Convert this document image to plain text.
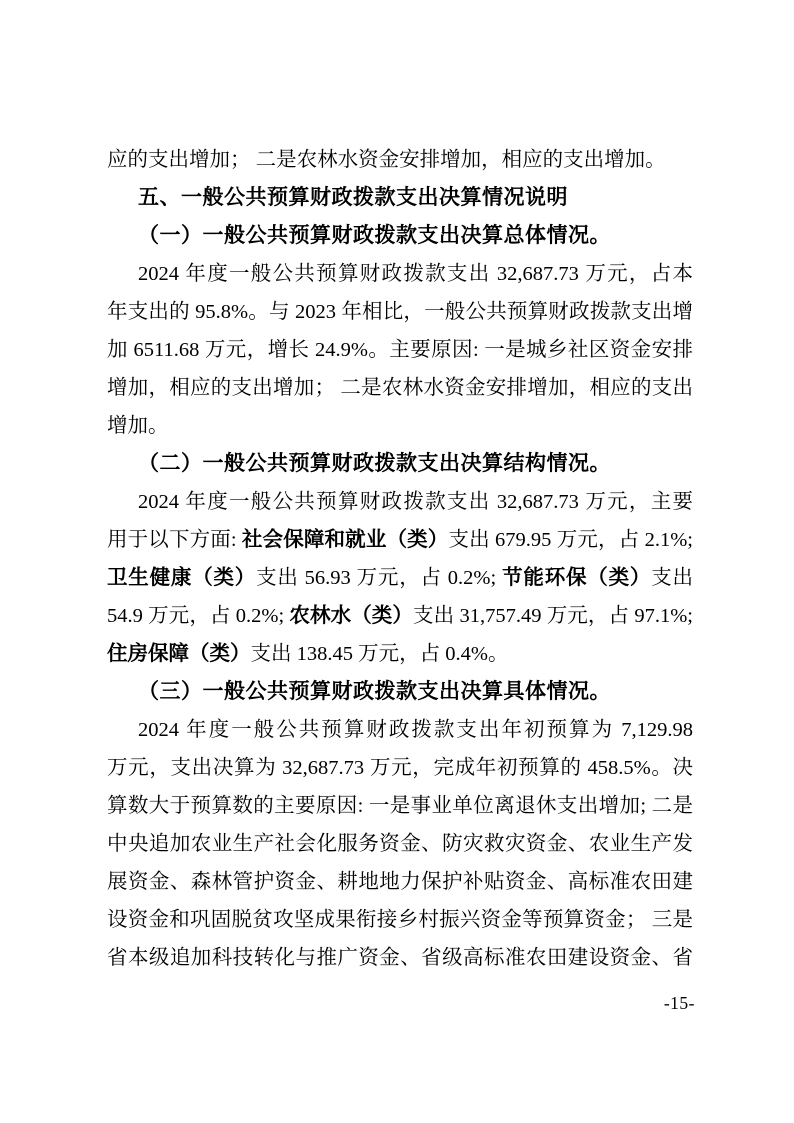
应的支出增加； 二是农林水资金安排增加，相应的支出增加。
五、一般公共预算财政拨款支出决算情况说明
（一）一般公共预算财政拨款支出决算总体情况。
2024 年度一般公共预算财政拨款支出 32,687.73 万元，占本
年支出的 95.8%。与 2023 年相比，一般公共预算财政拨款支出增
加 6511.68 万元，增长 24.9%。主要原因: 一是城乡社区资金安排
增加，相应的支出增加； 二是农林水资金安排增加，相应的支出
增加。
（二）一般公共预算财政拨款支出决算结构情况。
2024 年度一般公共预算财政拨款支出 32,687.73 万元，主要
用于以下方面: 社会保障和就业（类）支出 679.95 万元，占 2.1%;
卫生健康（类）支出 56.93 万元，占 0.2%; 节能环保（类）支出
54.9 万元，占 0.2%; 农林水（类）支出 31,757.49 万元，占 97.1%;
住房保障（类）支出 138.45 万元，占 0.4%。
（三）一般公共预算财政拨款支出决算具体情况。
2024 年度一般公共预算财政拨款支出年初预算为 7,129.98
万元，支出决算为 32,687.73 万元，完成年初预算的 458.5%。决
算数大于预算数的主要原因: 一是事业单位离退休支出增加; 二是
中央追加农业生产社会化服务资金、防灾救灾资金、农业生产发
展资金、森林管护资金、耕地地力保护补贴资金、高标准农田建
设资金和巩固脱贫攻坚成果衔接乡村振兴资金等预算资金； 三是
省本级追加科技转化与推广资金、省级高标准农田建设资金、省
-15-
